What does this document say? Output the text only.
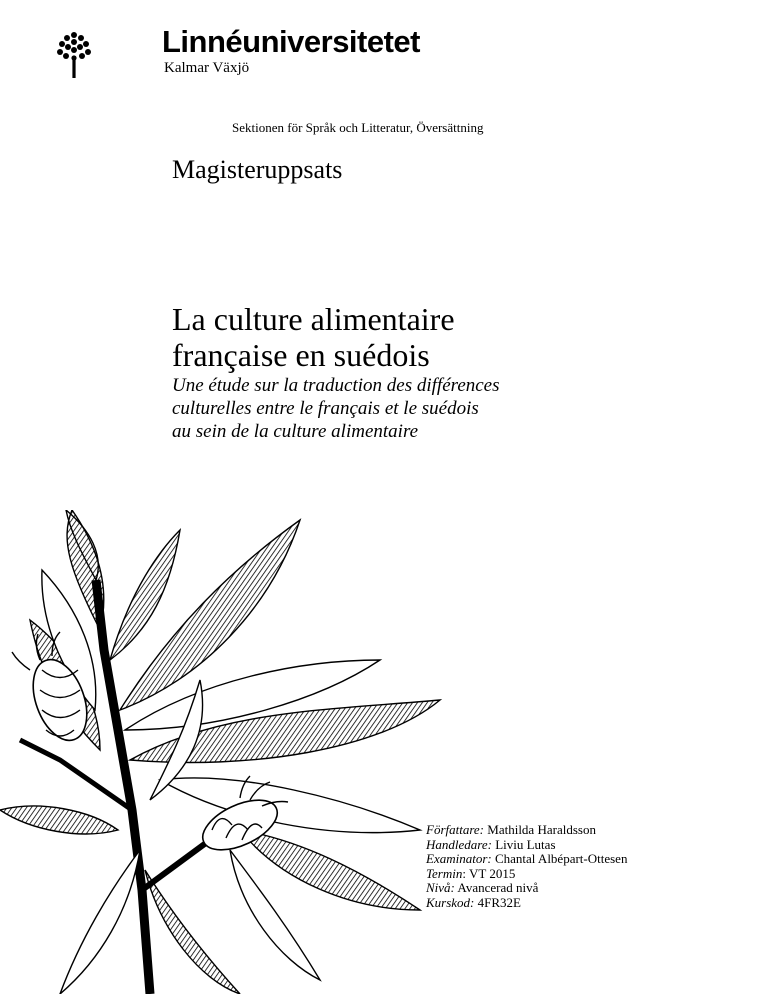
Linnéuniversitetet
Kalmar Växjö
Sektionen för Språk och Litteratur, Översättning
Magisteruppsats
La culture alimentaire
française en suédois
Une étude sur la traduction des différences
culturelles entre le français et le suédois
au sein de la culture alimentaire
Författare: Mathilda Haraldsson
Handledare: Liviu Lutas
Examinator: Chantal Albépart-Ottesen
Termin: VT 2015
Nivå: Avancerad nivå
Kurskod: 4FR32E
